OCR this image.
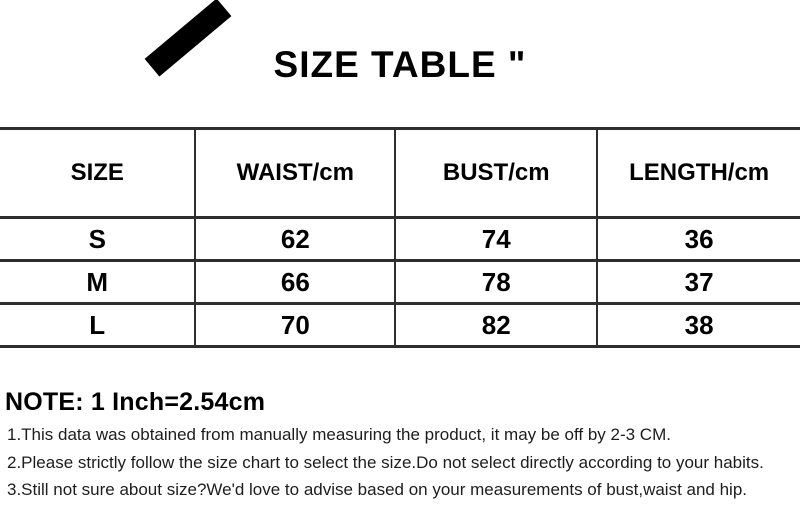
SIZE TABLE "
SIZE	WAIST/cm	BUST/cm	LENGTH/cm
S	62	74	36
M	66	78	37
L	70	82	38
NOTE: 1 Inch=2.54cm

1.This data was obtained from manually measuring the product, it may be off by 2-3 CM.

2.Please strictly follow the size chart to select the size.Do not select directly according to your habits.

3.Still not sure about size?We'd love to advise based on your measurements of bust,waist and hip.
